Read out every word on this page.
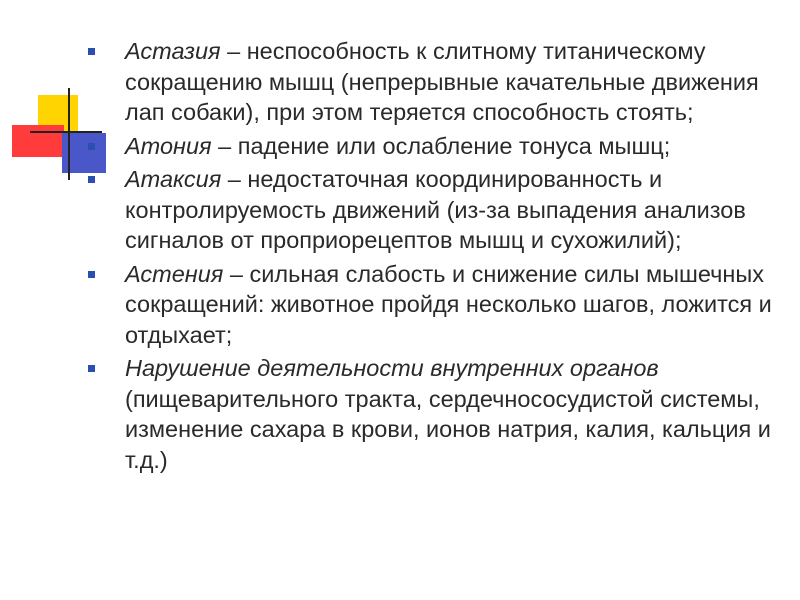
Астазия – неспособность к слитному титаническому сокращению мышц (непрерывные качательные движения лап собаки), при этом теряется способность стоять;
Атония – падение или ослабление тонуса мышц;
Атаксия – недостаточная координированность и контролируемость движений (из-за выпадения анализов сигналов от проприорецептов мышц и сухожилий);
Астения – сильная слабость и снижение силы мышечных сокращений: животное пройдя несколько шагов, ложится и отдыхает;
Нарушение деятельности внутренних органов (пищеварительного тракта, сердечнососудистой системы, изменение сахара в крови, ионов натрия, калия, кальция и т.д.)
